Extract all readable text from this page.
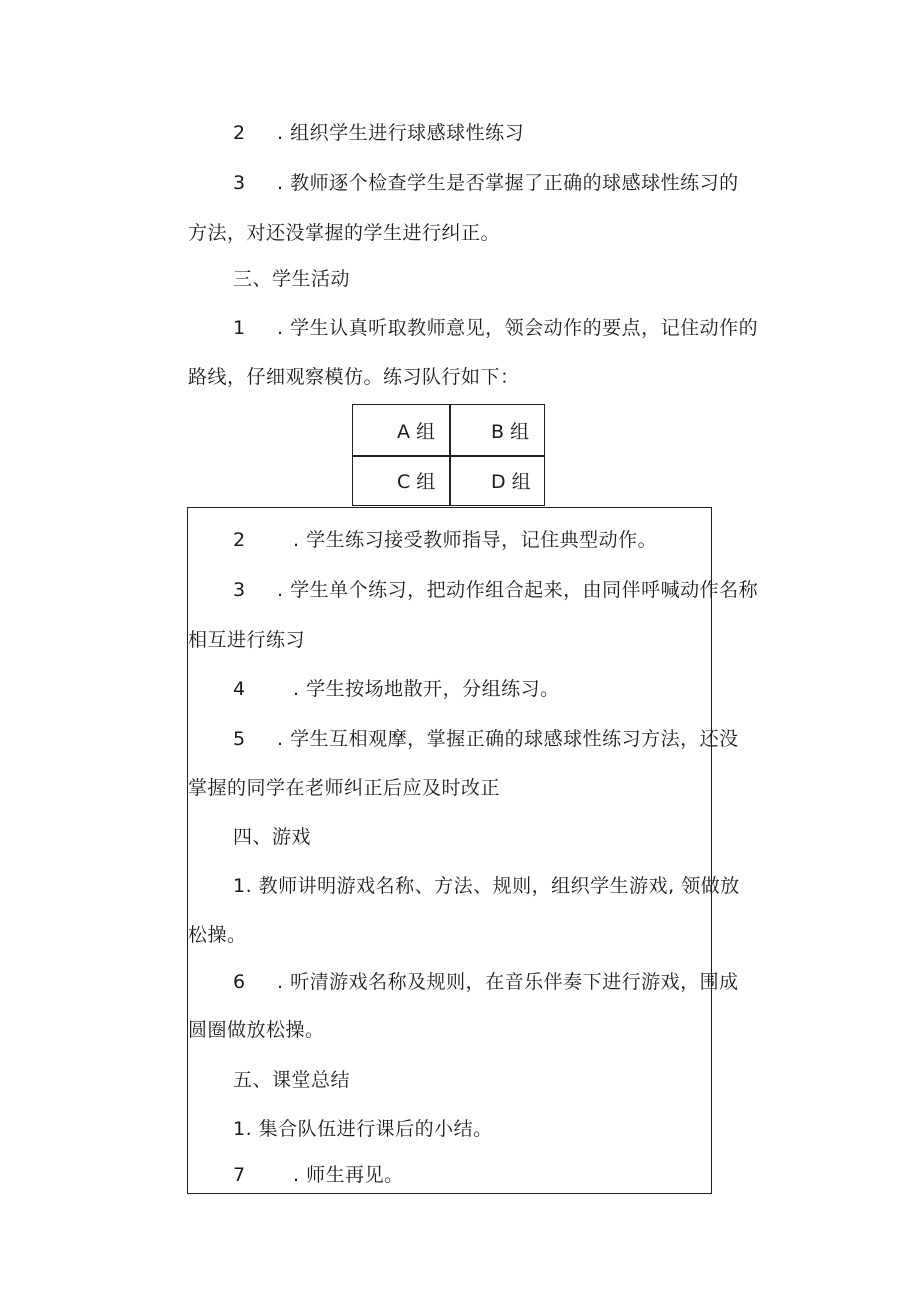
2 . 组织学生进行球感球性练习
3 . 教师逐个检查学生是否掌握了正确的球感球性练习的
方法，对还没掌握的学生进行纠正。
三、学生活动
1 . 学生认真听取教师意见，领会动作的要点，记住动作的
路线，仔细观察模仿。练习队行如下：
A 组	B 组
C 组	D 组
2 . 学生练习接受教师指导，记住典型动作。
3 . 学生单个练习，把动作组合起来，由同伴呼喊动作名称
相互进行练习
4 . 学生按场地散开，分组练习。
5 . 学生互相观摩，掌握正确的球感球性练习方法，还没
掌握的同学在老师纠正后应及时改正
四、游戏
1. 教师讲明游戏名称、方法、规则，组织学生游戏, 领做放
松操。
6 . 听清游戏名称及规则，在音乐伴奏下进行游戏，围成
圆圈做放松操。
五、课堂总结
1. 集合队伍进行课后的小结。
7 . 师生再见。
